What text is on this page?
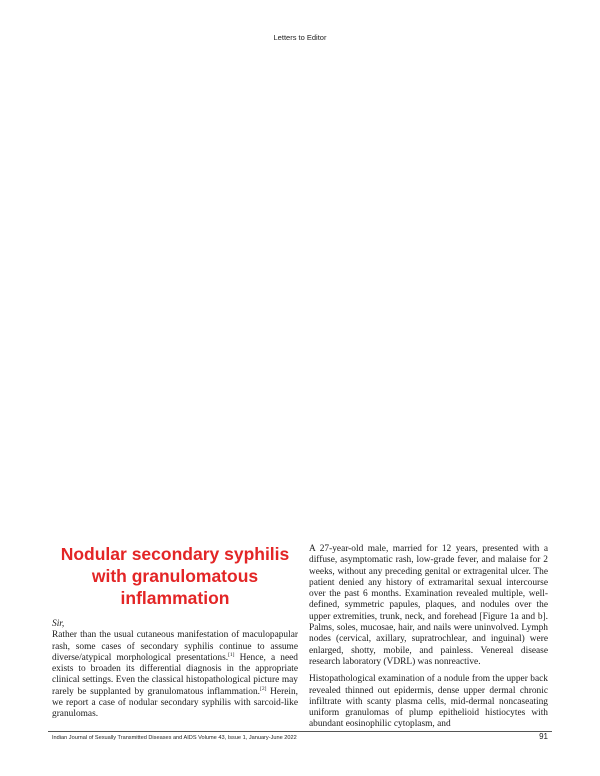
Letters to Editor
Nodular secondary syphilis
with granulomatous
inflammation

Sir,

Rather than the usual cutaneous manifestation of maculopapular rash, some cases of secondary syphilis continue to assume diverse/atypical morphological presentations.[1] Hence, a need exists to broaden its differential diagnosis in the appropriate clinical settings. Even the classical histopathological picture may rarely be supplanted by granulomatous inflammation.[2] Herein, we report a case of nodular secondary syphilis with sarcoid-like granulomas.

A 27-year-old male, married for 12 years, presented with a diffuse, asymptomatic rash, low-grade fever, and malaise for 2 weeks, without any preceding genital or extragenital ulcer. The patient denied any history of extramarital sexual intercourse over the past 6 months. Examination revealed multiple, well-defined, symmetric papules, plaques, and nodules over the upper extremities, trunk, neck, and forehead [Figure 1a and b]. Palms, soles, mucosae, hair, and nails were uninvolved. Lymph nodes (cervical, axillary, supratrochlear, and inguinal) were enlarged, shotty, mobile, and painless. Venereal disease research laboratory (VDRL) was nonreactive.

Histopathological examination of a nodule from the upper back revealed thinned out epidermis, dense upper dermal chronic infiltrate with scanty plasma cells, mid-dermal noncaseating uniform granulomas of plump epithelioid histiocytes with abundant eosinophilic cytoplasm, and

Indian Journal of Sexually Transmitted Diseases and AIDS Volume 43, Issue 1, January-June 2022	91
